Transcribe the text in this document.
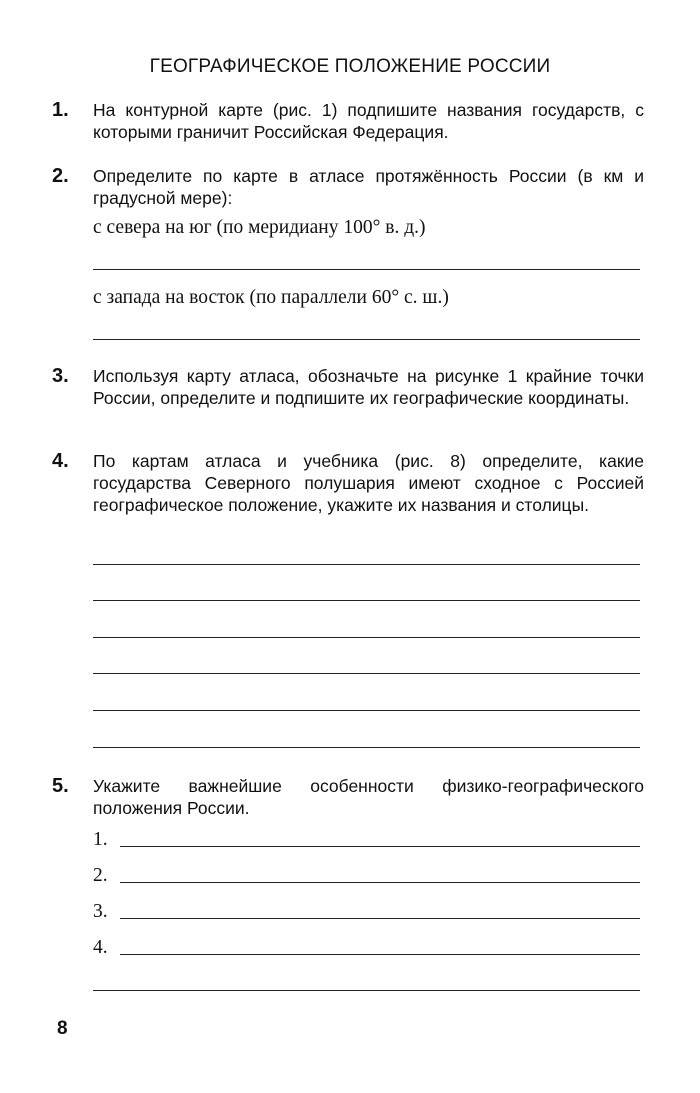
ГЕОГРАФИЧЕСКОЕ ПОЛОЖЕНИЕ РОССИИ
1.	На контурной карте (рис. 1) подпишите названия государств, с которыми граничит Российская Федерация.
2.	Определите по карте в атласе протяжённость России (в км и градусной мере):
с севера на юг (по меридиану 100° в. д.)
с запада на восток (по параллели 60° с. ш.)
3.	Используя карту атласа, обозначьте на рисунке 1 крайние точки России, определите и подпишите их географические координаты.
4.	По картам атласа и учебника (рис. 8) определите, какие государства Северного полушария имеют сходное с Россией географическое положение, укажите их названия и столицы.
5.	Укажите важнейшие особенности физико-географического положения России.
1.
2.
3.
4.
8
